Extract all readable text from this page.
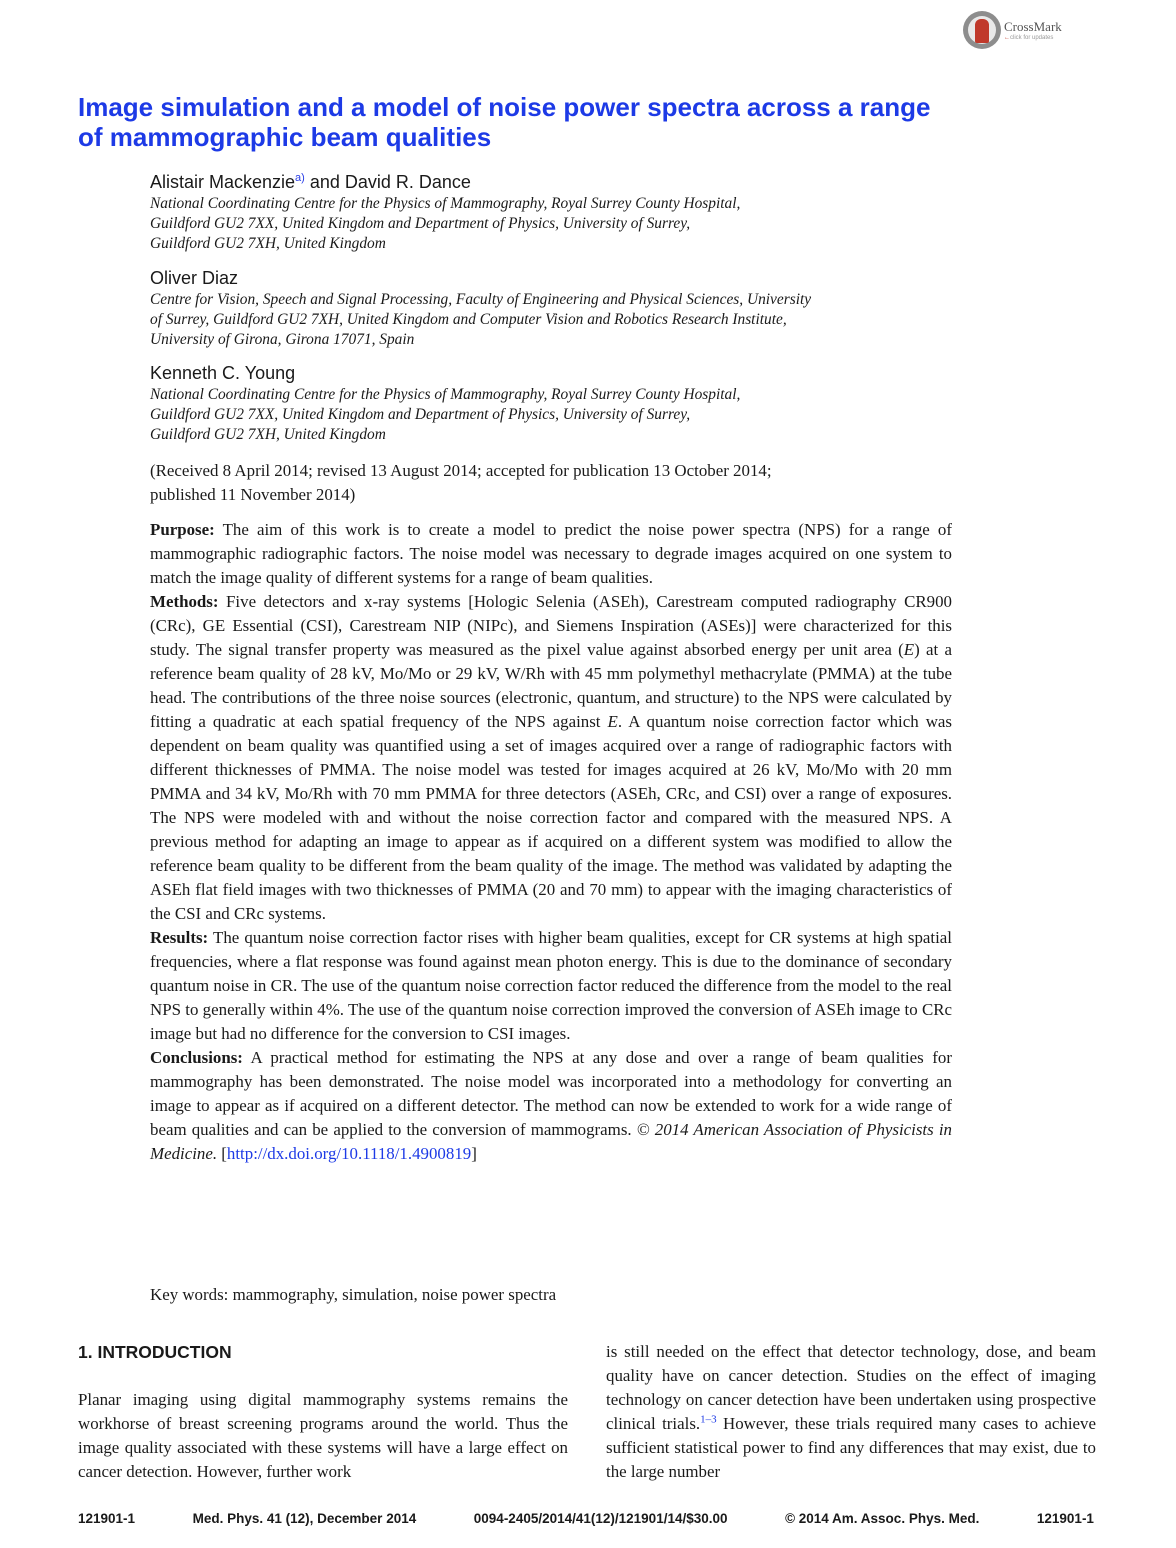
CrossMark
←click for updates
Image simulation and a model of noise power spectra across a range
of mammographic beam qualities
Alistair Mackenzie$^{a)}$ and David R. Dance
National Coordinating Centre for the Physics of Mammography, Royal Surrey County Hospital,
Guildford GU2 7XX, United Kingdom and Department of Physics, University of Surrey,
Guildford GU2 7XH, United Kingdom
Oliver Diaz
Centre for Vision, Speech and Signal Processing, Faculty of Engineering and Physical Sciences, University
of Surrey, Guildford GU2 7XH, United Kingdom and Computer Vision and Robotics Research Institute,
University of Girona, Girona 17071, Spain
Kenneth C. Young
National Coordinating Centre for the Physics of Mammography, Royal Surrey County Hospital,
Guildford GU2 7XX, United Kingdom and Department of Physics, University of Surrey,
Guildford GU2 7XH, United Kingdom
(Received 8 April 2014; revised 13 August 2014; accepted for publication 13 October 2014;
published 11 November 2014)
Purpose: The aim of this work is to create a model to predict the noise power spectra (NPS) for a range of mammographic radiographic factors. The noise model was necessary to degrade images acquired on one system to match the image quality of different systems for a range of beam qualities.
Methods: Five detectors and x-ray systems [Hologic Selenia (ASEh), Carestream computed radiography CR900 (CRc), GE Essential (CSI), Carestream NIP (NIPc), and Siemens Inspiration (ASEs)] were characterized for this study. The signal transfer property was measured as the pixel value against absorbed energy per unit area (E) at a reference beam quality of 28 kV, Mo/Mo or 29 kV, W/Rh with 45 mm polymethyl methacrylate (PMMA) at the tube head. The contributions of the three noise sources (electronic, quantum, and structure) to the NPS were calculated by fitting a quadratic at each spatial frequency of the NPS against E. A quantum noise correction factor which was dependent on beam quality was quantified using a set of images acquired over a range of radiographic factors with different thicknesses of PMMA. The noise model was tested for images acquired at 26 kV, Mo/Mo with 20 mm PMMA and 34 kV, Mo/Rh with 70 mm PMMA for three detectors (ASEh, CRc, and CSI) over a range of exposures. The NPS were modeled with and without the noise correction factor and compared with the measured NPS. A previous method for adapting an image to appear as if acquired on a different system was modified to allow the reference beam quality to be different from the beam quality of the image. The method was validated by adapting the ASEh flat field images with two thicknesses of PMMA (20 and 70 mm) to appear with the imaging characteristics of the CSI and CRc systems.
Results: The quantum noise correction factor rises with higher beam qualities, except for CR systems at high spatial frequencies, where a flat response was found against mean photon energy. This is due to the dominance of secondary quantum noise in CR. The use of the quantum noise correction factor reduced the difference from the model to the real NPS to generally within 4%. The use of the quantum noise correction improved the conversion of ASEh image to CRc image but had no difference for the conversion to CSI images.
Conclusions: A practical method for estimating the NPS at any dose and over a range of beam qualities for mammography has been demonstrated. The noise model was incorporated into a methodology for converting an image to appear as if acquired on a different detector. The method can now be extended to work for a wide range of beam qualities and can be applied to the conversion of mammograms. © 2014 American Association of Physicists in Medicine. [http://dx.doi.org/10.1118/1.4900819]
Key words: mammography, simulation, noise power spectra
1. INTRODUCTION
Planar imaging using digital mammography systems remains the workhorse of breast screening programs around the world. Thus the image quality associated with these systems will have a large effect on cancer detection. However, further work
is still needed on the effect that detector technology, dose, and beam quality have on cancer detection. Studies on the effect of imaging technology on cancer detection have been undertaken using prospective clinical trials.$^{1-3}$ However, these trials required many cases to achieve sufficient statistical power to find any differences that may exist, due to the large number
121901-1	Med. Phys. 41 (12), December 2014	0094-2405/2014/41(12)/121901/14/$30.00	© 2014 Am. Assoc. Phys. Med.	121901-1
